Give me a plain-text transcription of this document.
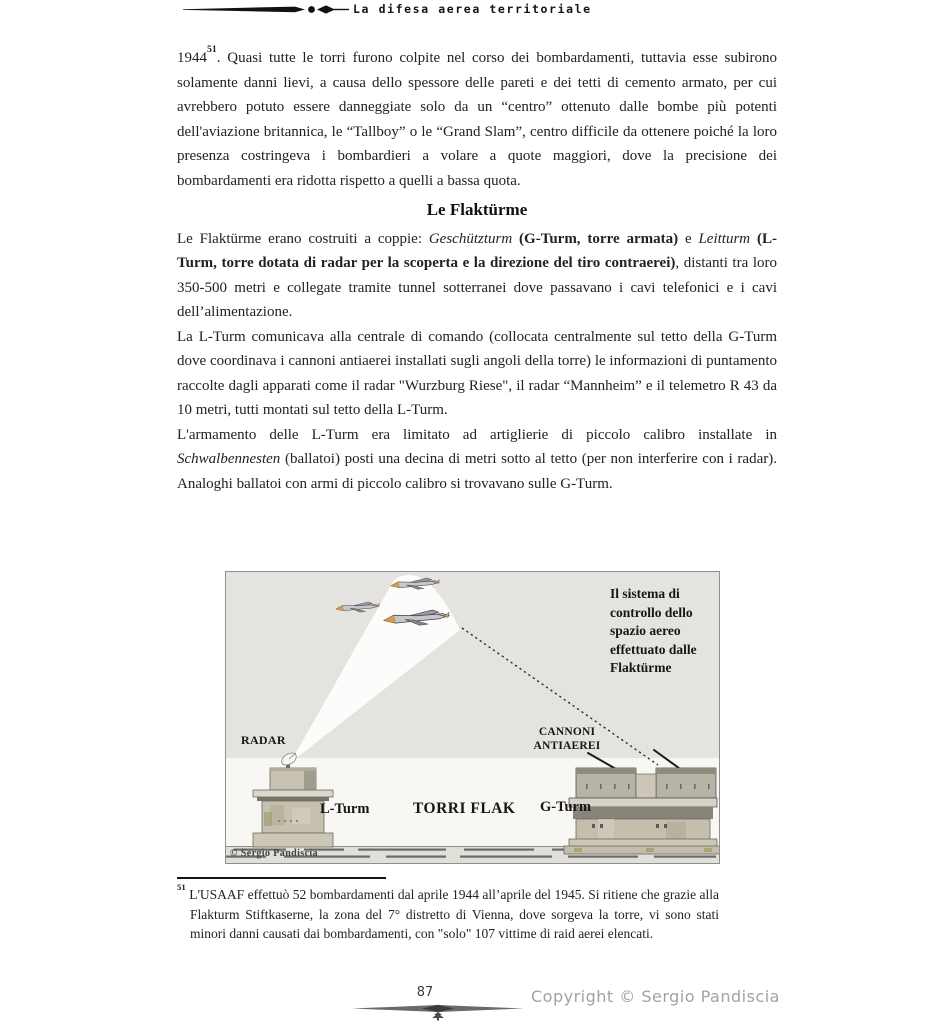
La difesa aerea territoriale

1944$^{51}$. Quasi tutte le torri furono colpite nel corso dei bombardamenti, tuttavia esse subirono solamente danni lievi, a causa dello spessore delle pareti e dei tetti di cemento armato, per cui avrebbero potuto essere danneggiate solo da un “centro” ottenuto dalle bombe più potenti dell'aviazione britannica, le “Tallboy” o le “Grand Slam”, centro difficile da ottenere poiché la loro presenza costringeva i bombardieri a volare a quote maggiori, dove la precisione dei bombardamenti era ridotta rispetto a quelli a bassa quota.

Le Flaktürme

Le Flaktürme erano costruiti a coppie: Geschützturm (G-Turm, torre armata) e Leitturm (L-Turm, torre dotata di radar per la scoperta e la direzione del tiro contraerei), distanti tra loro 350-500 metri e collegate tramite tunnel sotterranei dove passavano i cavi telefonici e i cavi dell’alimentazione.

La L-Turm comunicava alla centrale di comando (collocata centralmente sul tetto della G-Turm dove coordinava i cannoni antiaerei installati sugli angoli della torre) le informazioni di puntamento raccolte dagli apparati come il radar "Wurzburg Riese", il radar “Mannheim” e il telemetro R 43 da 10 metri, tutti montati sul tetto della L-Turm.

L'armamento delle L-Turm era limitato ad artiglierie di piccolo calibro installate in Schwalbennesten (ballatoi) posti una decina di metri sotto al tetto (per non interferire con i radar). Analoghi ballatoi con armi di piccolo calibro si trovavano sulle G-Turm.

Il sistema di controllo dello spazio aereo effettuato dalle Flaktürme
RADAR
CANNONI ANTIAEREI
L-Turm	TORRI FLAK G-Turm
© Sergio Pandiscia
$^{51}$ L'USAAF effettuò 52 bombardamenti dal aprile 1944 all’aprile del 1945. Si ritiene che grazie alla Flakturm Stiftkaserne, la zona del 7° distretto di Vienna, dove sorgeva la torre, vi sono stati minori danni causati dai bombardamenti, con "solo" 107 vittime di raid aerei elencati.
87	Copyright © Sergio Pandiscia
